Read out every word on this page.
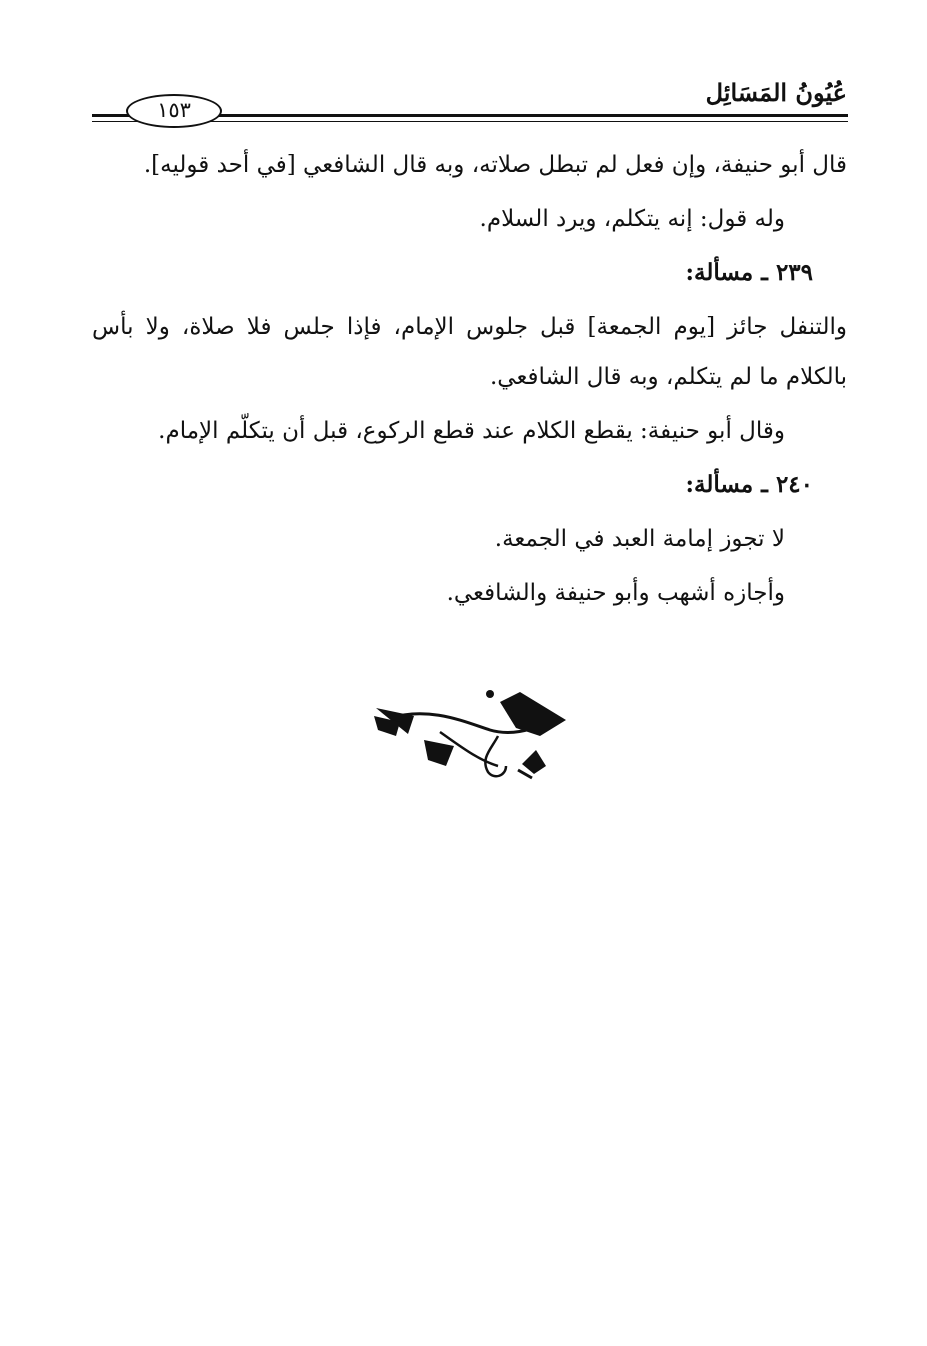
عُيُونُ المَسَائِل
١٥٣

قال أبو حنيفة، وإن فعل لم تبطل صلاته، وبه قال الشافعي [في أحد قوليه].

وله قول: إنه يتكلم، ويرد السلام.

٢٣٩ ـ مسألة:

والتنفل جائز [يوم الجمعة] قبل جلوس الإمام، فإذا جلس فلا صلاة، ولا بأس بالكلام ما لم يتكلم، وبه قال الشافعي.

وقال أبو حنيفة: يقطع الكلام عند قطع الركوع، قبل أن يتكلّم الإمام.

٢٤٠ ـ مسألة:

لا تجوز إمامة العبد في الجمعة.

وأجازه أشهب وأبو حنيفة والشافعي.
